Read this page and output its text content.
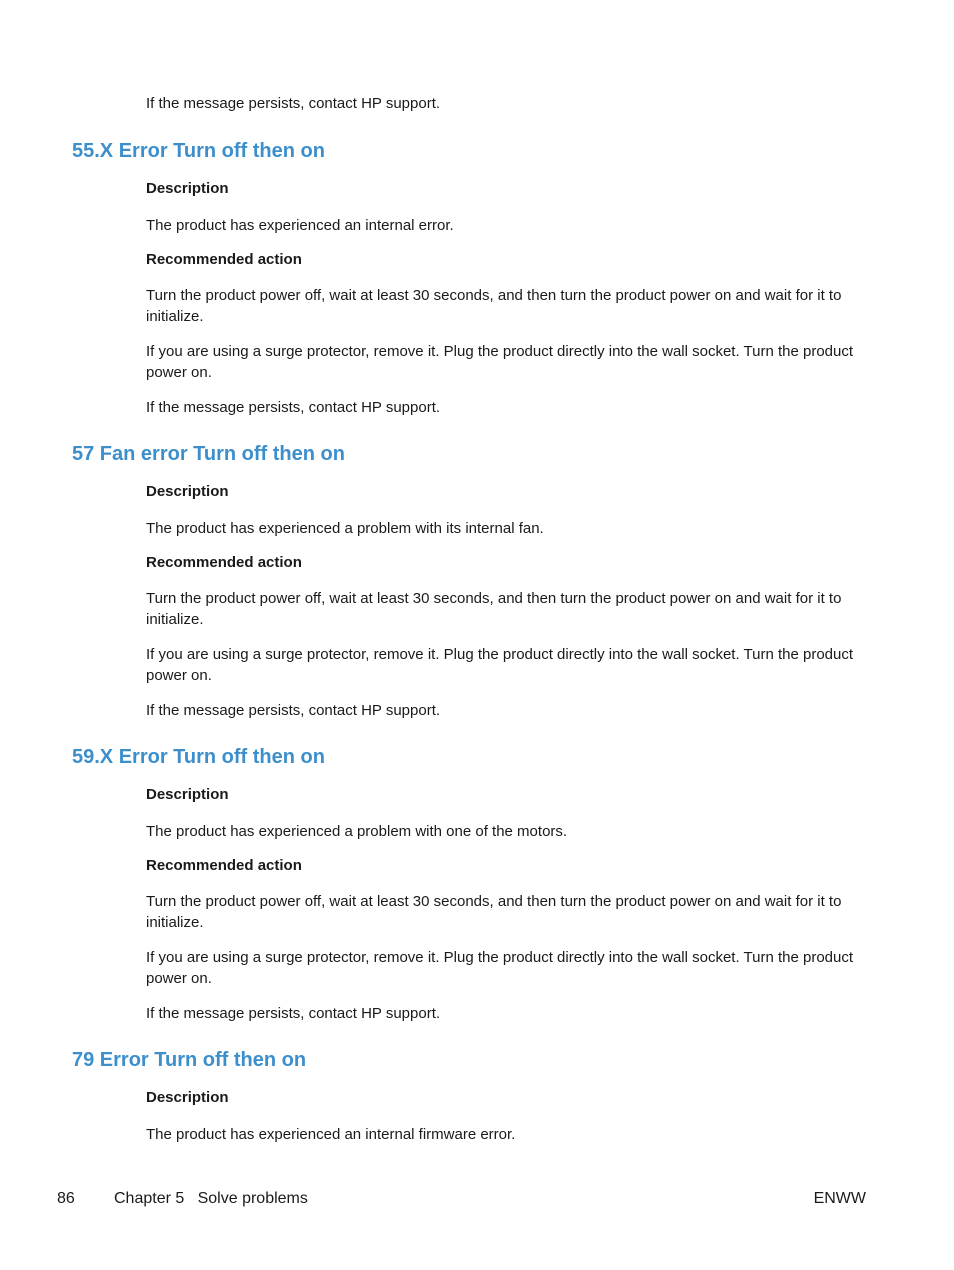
If the message persists, contact HP support.

55.X Error Turn off then on
Description

The product has experienced an internal error.

Recommended action

Turn the product power off, wait at least 30 seconds, and then turn the product power on and wait for it to initialize.

If you are using a surge protector, remove it. Plug the product directly into the wall socket. Turn the product power on.

If the message persists, contact HP support.

57 Fan error Turn off then on
Description

The product has experienced a problem with its internal fan.

Recommended action

Turn the product power off, wait at least 30 seconds, and then turn the product power on and wait for it to initialize.

If you are using a surge protector, remove it. Plug the product directly into the wall socket. Turn the product power on.

If the message persists, contact HP support.

59.X Error Turn off then on
Description

The product has experienced a problem with one of the motors.

Recommended action

Turn the product power off, wait at least 30 seconds, and then turn the product power on and wait for it to initialize.

If you are using a surge protector, remove it. Plug the product directly into the wall socket. Turn the product power on.

If the message persists, contact HP support.

79 Error Turn off then on
Description

The product has experienced an internal firmware error.

86 Chapter 5   Solve problems	ENWW
